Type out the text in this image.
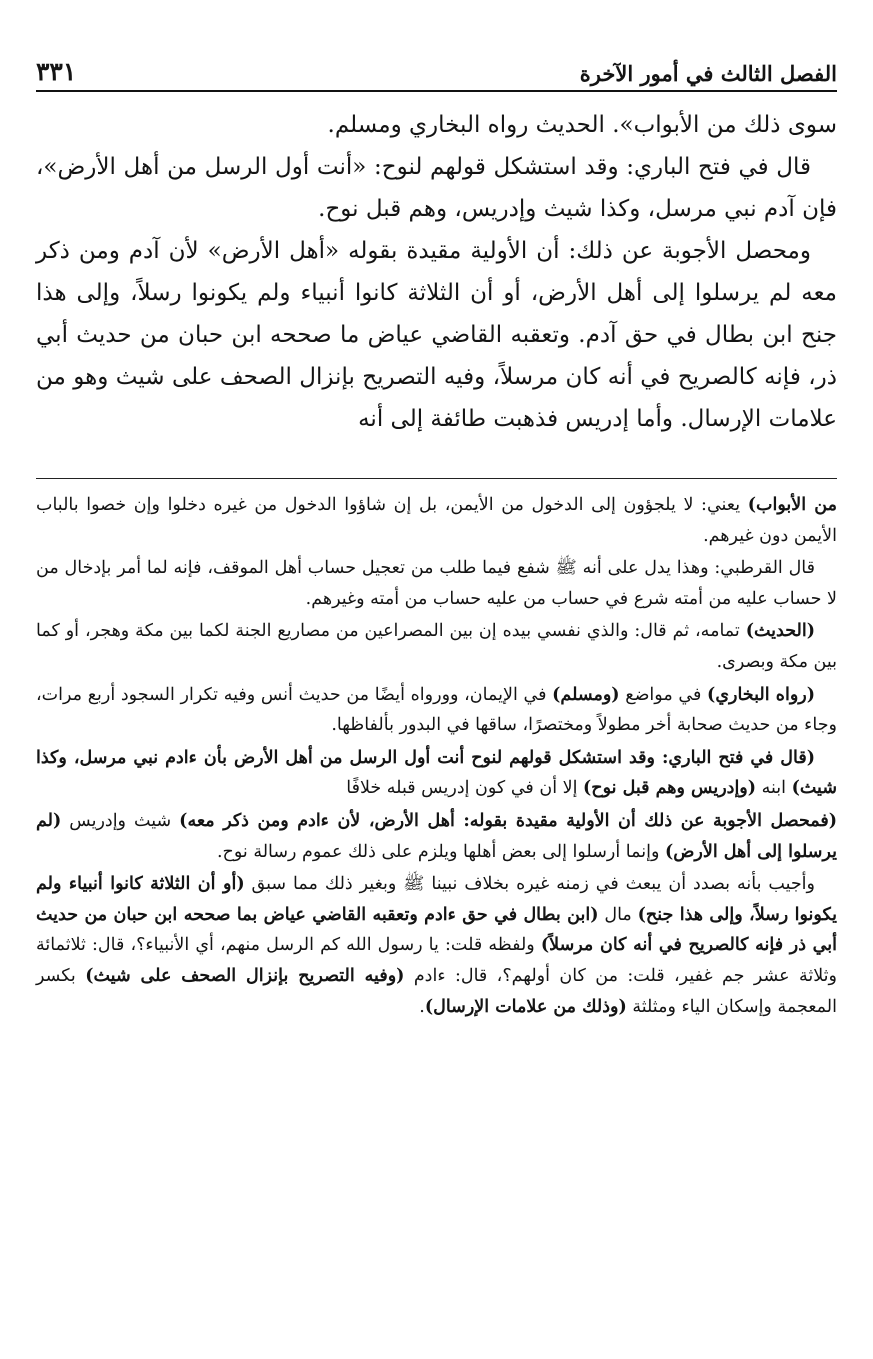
الفصل الثالث في أمور الآخرة
٣٣١

سوى ذلك من الأبواب». الحديث رواه البخاري ومسلم.

قال في فتح الباري: وقد استشكل قولهم لنوح: «أنت أول الرسل من أهل الأرض»، فإن آدم نبي مرسل، وكذا شيث وإدريس، وهم قبل نوح.

ومحصل الأجوبة عن ذلك: أن الأولية مقيدة بقوله «أهل الأرض» لأن آدم ومن ذكر معه لم يرسلوا إلى أهل الأرض، أو أن الثلاثة كانوا أنبياء ولم يكونوا رسلاً، وإلى هذا جنح ابن بطال في حق آدم. وتعقبه القاضي عياض ما صححه ابن حبان من حديث أبي ذر، فإنه كالصريح في أنه كان مرسلاً، وفيه التصريح بإنزال الصحف على شيث وهو من علامات الإرسال. وأما إدريس فذهبت طائفة إلى أنه

من الأبواب) يعني: لا يلجؤون إلى الدخول من الأيمن، بل إن شاؤوا الدخول من غيره دخلوا وإن خصوا بالباب الأيمن دون غيرهم.

قال القرطبي: وهذا يدل على أنه ﷺ شفع فيما طلب من تعجيل حساب أهل الموقف، فإنه لما أمر بإدخال من لا حساب عليه من أمته شرع في حساب من عليه حساب من أمته وغيرهم.

(الحديث) تمامه، ثم قال: والذي نفسي بيده إن بين المصراعين من مصاريع الجنة لكما بين مكة وهجر، أو كما بين مكة وبصرى.

(رواه البخاري) في مواضع (ومسلم) في الإيمان، وورواه أيضًا من حديث أنس وفيه تكرار السجود أربع مرات، وجاء من حديث صحابة أخر مطولاً ومختصرًا، ساقها في البدور بألفاظها.

(قال في فتح الباري: وقد استشكل قولهم لنوح أنت أول الرسل من أهل الأرض بأن ءادم نبي مرسل، وكذا شيث) ابنه (وإدريس وهم قبل نوح) إلا أن في كون إدريس قبله خلافًا

(فمحصل الأجوبة عن ذلك أن الأولية مقيدة بقوله: أهل الأرض، لأن ءادم ومن ذكر معه) شيث وإدريس (لم يرسلوا إلى أهل الأرض) وإنما أرسلوا إلى بعض أهلها ويلزم على ذلك عموم رسالة نوح.

وأجيب بأنه بصدد أن يبعث في زمنه غيره بخلاف نبينا ﷺ وبغير ذلك مما سبق (أو أن الثلاثة كانوا أنبياء ولم يكونوا رسلاً، وإلى هذا جنح) مال (ابن بطال في حق ءادم وتعقبه القاضي عياض بما صححه ابن حبان من حديث أبي ذر فإنه كالصريح في أنه كان مرسلاً) ولفظه قلت: يا رسول الله كم الرسل منهم، أي الأنبياء؟، قال: ثلاثمائة وثلاثة عشر جم غفير، قلت: من كان أولهم؟، قال: ءادم (وفيه التصريح بإنزال الصحف على شيث) بكسر المعجمة وإسكان الياء ومثلثة (وذلك من علامات الإرسال).
